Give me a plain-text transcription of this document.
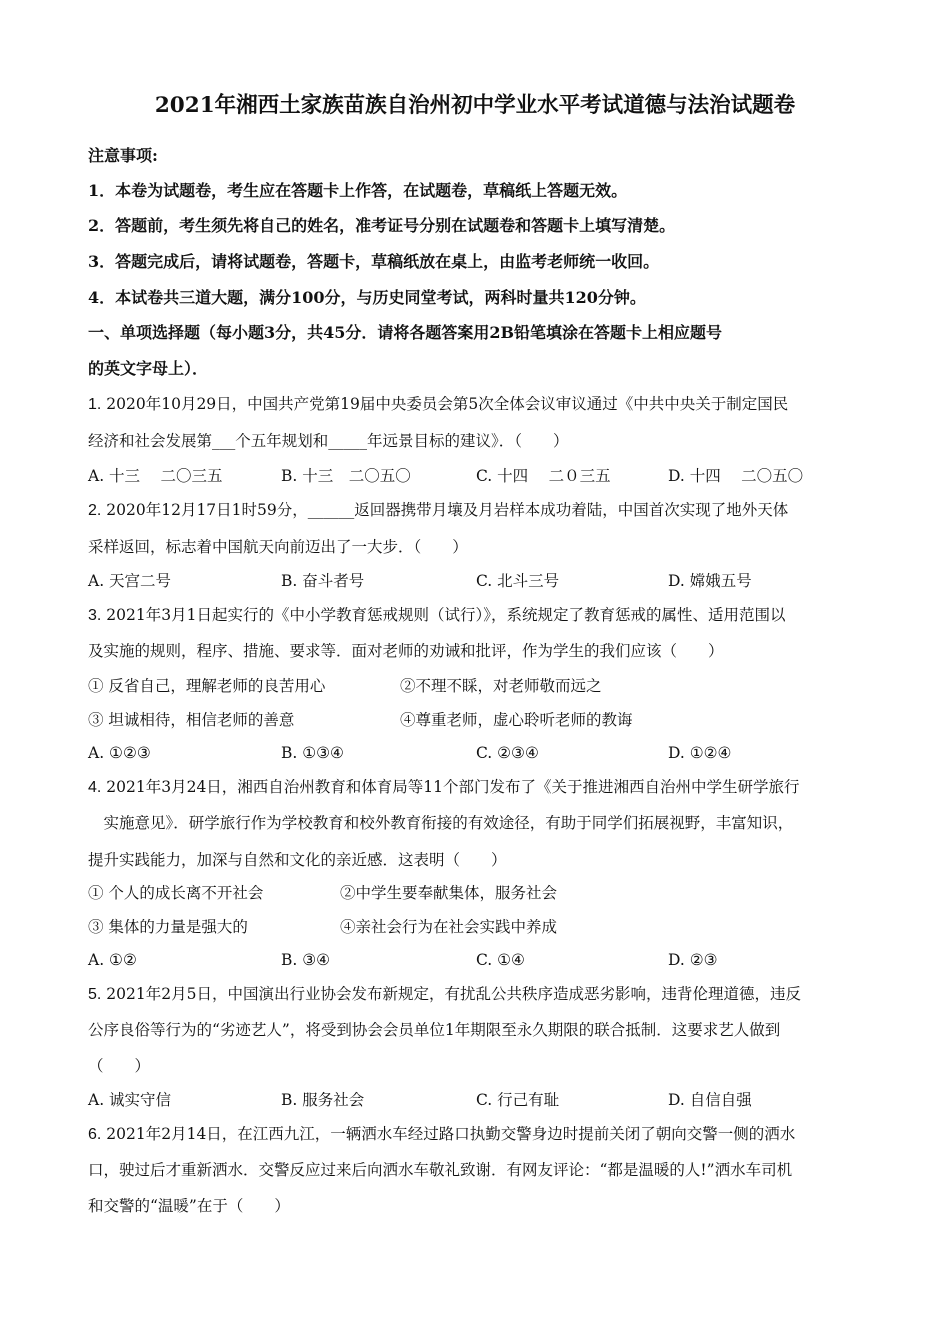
2021年湘西土家族苗族自治州初中学业水平考试道德与法治试题卷
注意事项:
1．本卷为试题卷，考生应在答题卡上作答，在试题卷，草稿纸上答题无效。
2．答题前，考生须先将自己的姓名，准考证号分别在试题卷和答题卡上填写清楚。
3．答题完成后，请将试题卷，答题卡，草稿纸放在桌上，由监考老师统一收回。
4．本试卷共三道大题，满分100分，与历史同堂考试，两科时量共120分钟。
一、单项选择题（每小题3分，共45分．请将各题答案用2B铅笔填涂在答题卡上相应题号
的英文字母上）．
1. 2020年10月29日，中国共产党第19届中央委员会第5次全体会议审议通过《中共中央关于制定国民
经济和社会发展第___个五年规划和_____年远景目标的建议》．（　　）
A. 十三　 二〇三五	B. 十三　二〇五〇	C. 十四　 二０三五	D. 十四　 二〇五〇
2. 2020年12月17日1时59分，______返回器携带月壤及月岩样本成功着陆，中国首次实现了地外天体
采样返回，标志着中国航天向前迈出了一大步．（　　）
A. 天宫二号	B. 奋斗者号	C. 北斗三号	D. 嫦娥五号
3. 2021年3月1日起实行的《中小学教育惩戒规则（试行）》，系统规定了教育惩戒的属性、适用范围以
及实施的规则，程序、措施、要求等．面对老师的劝诫和批评，作为学生的我们应该（　　）
① 反省自己，理解老师的良苦用心	②不理不睬，对老师敬而远之
③ 坦诚相待，相信老师的善意	④尊重老师，虚心聆听老师的教诲
A. ①②③	B. ①③④	C. ②③④	D. ①②④
4. 2021年3月24日，湘西自治州教育和体育局等11个部门发布了《关于推进湘西自治州中学生研学旅行
　实施意见》．研学旅行作为学校教育和校外教育衔接的有效途径，有助于同学们拓展视野，丰富知识，
提升实践能力，加深与自然和文化的亲近感．这表明（　　）
① 个人的成长离不开社会	②中学生要奉献集体，服务社会
③ 集体的力量是强大的	④亲社会行为在社会实践中养成
A. ①②	B. ③④	C. ①④	D. ②③
5. 2021年2月5日，中国演出行业协会发布新规定，有扰乱公共秩序造成恶劣影响，违背伦理道德，违反
公序良俗等行为的“劣迹艺人”，将受到协会会员单位1年期限至永久期限的联合抵制．这要求艺人做到
（　　）
A. 诚实守信	B. 服务社会	C. 行己有耻	D. 自信自强
6. 2021年2月14日，在江西九江，一辆洒水车经过路口执勤交警身边时提前关闭了朝向交警一侧的洒水
口，驶过后才重新洒水．交警反应过来后向洒水车敬礼致谢．有网友评论：“都是温暖的人!”洒水车司机
和交警的“温暖”在于（　　）
